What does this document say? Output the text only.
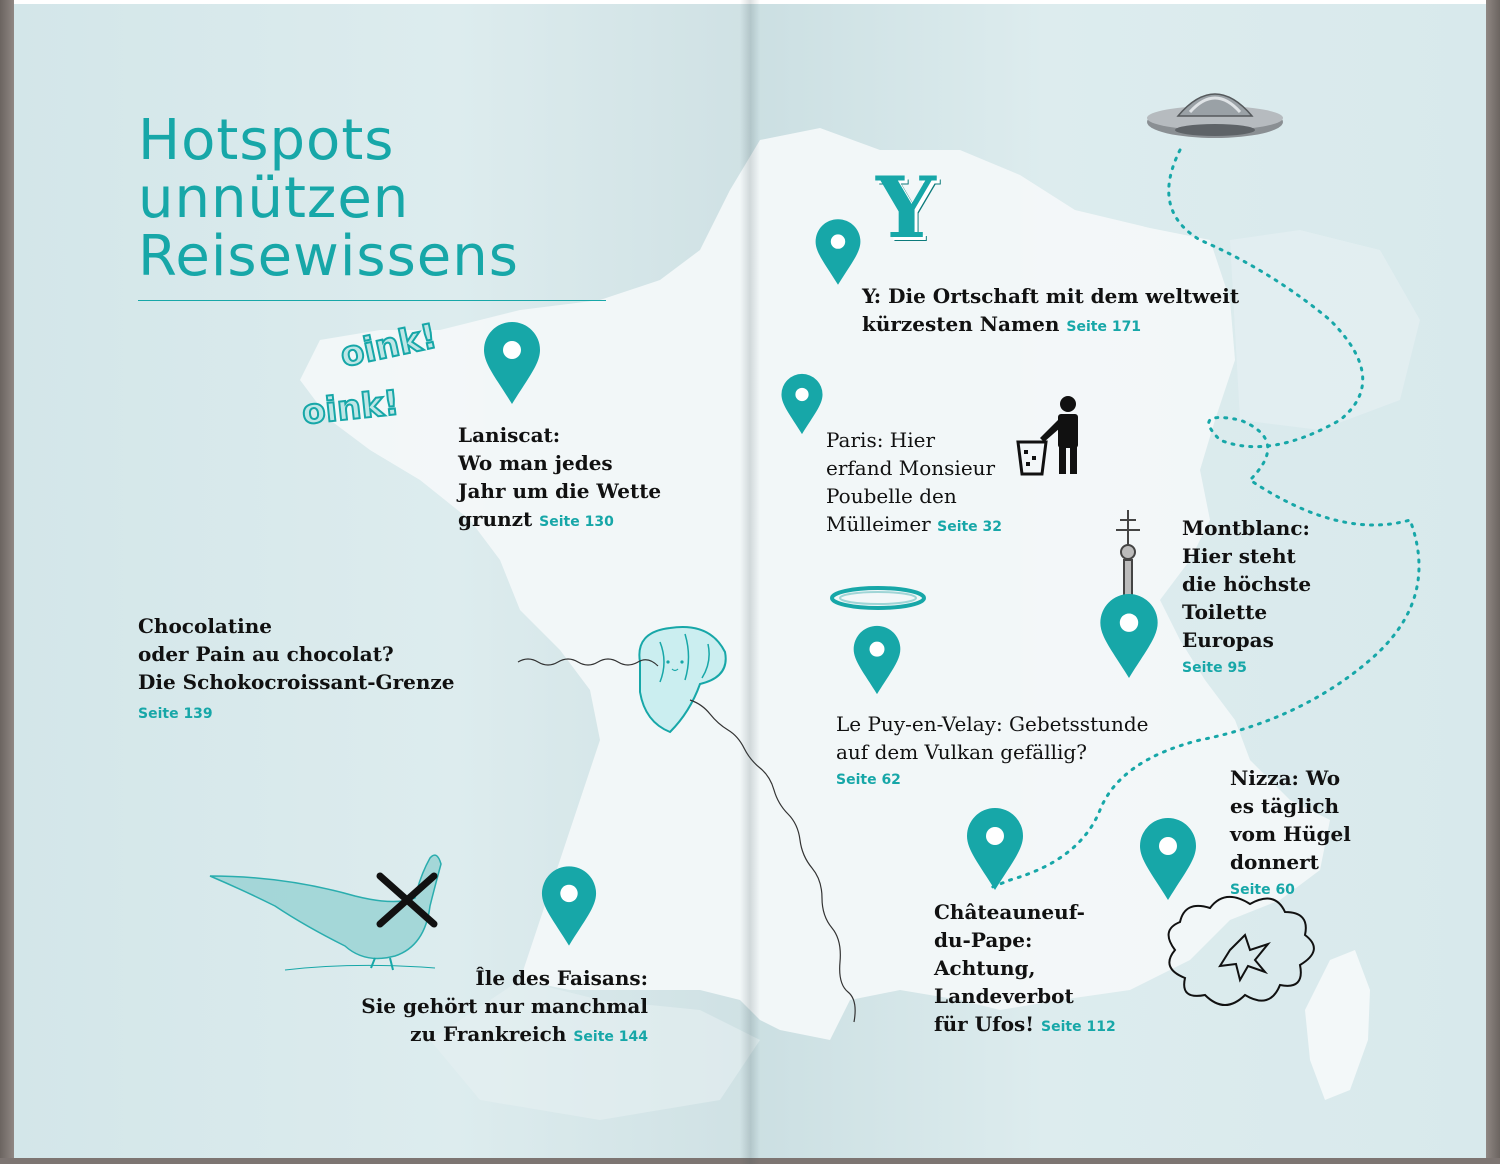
Hotspots
unnützen
Reisewissens
oink!
oink!
Y
Laniscat:
Wo man jedes
Jahr um die Wette
grunzt Seite 130
Chocolatine
oder Pain au chocolat?
Die Schokocroissant-Grenze
Seite 139
Île des Faisans:
Sie gehört nur manchmal
zu Frankreich Seite 144
Y: Die Ortschaft mit dem weltweit
kürzesten Namen Seite 171
Paris: Hier
erfand Monsieur
Poubelle den
Mülleimer Seite 32	Montblanc:
Hier steht
die höchste
Toilette
Europas
Seite 95
Le Puy-en-Velay: Gebetsstunde
auf dem Vulkan gefällig?
Seite 62
Châteauneuf-
du-Pape:
Achtung,
Landeverbot
für Ufos! Seite 112
Nizza: Wo
es täglich
vom Hügel
donnert
Seite 60
